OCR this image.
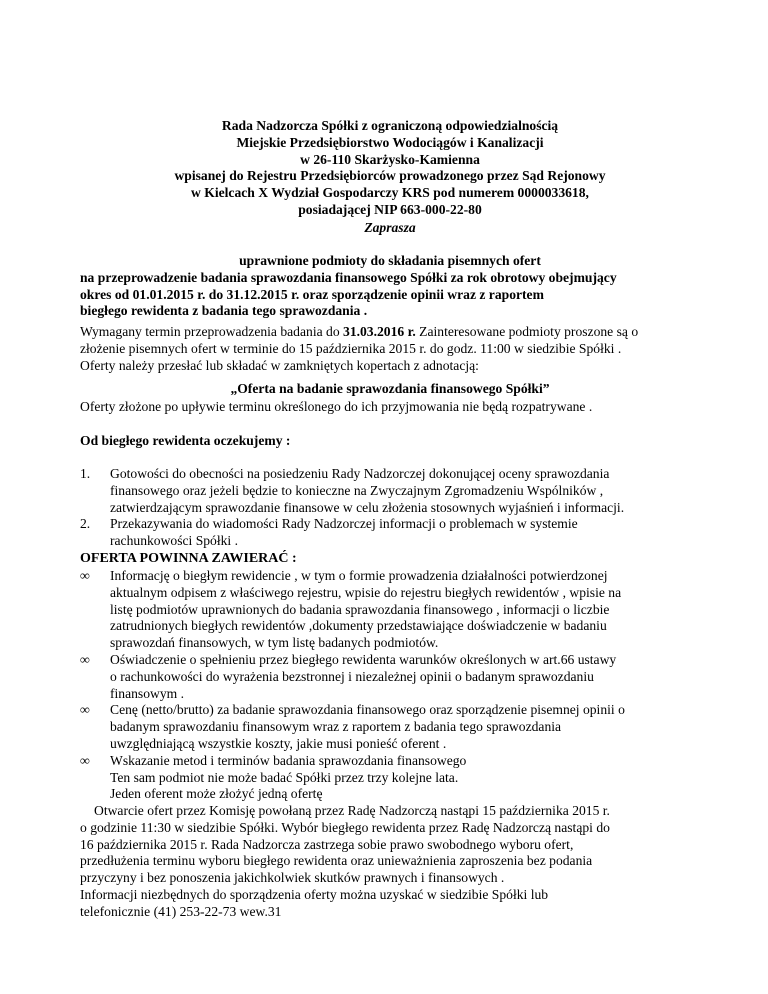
Rada Nadzorcza Spółki z ograniczoną odpowiedzialnością
Miejskie Przedsiębiorstwo Wodociągów i Kanalizacji
w 26-110 Skarżysko-Kamienna
wpisanej do Rejestru Przedsiębiorców prowadzonego przez Sąd Rejonowy
w Kielcach X Wydział Gospodarczy KRS pod numerem 0000033618,
posiadającej NIP 663-000-22-80
Zaprasza
uprawnione podmioty do składania pisemnych ofert
na przeprowadzenie badania sprawozdania finansowego Spółki za rok obrotowy obejmujący
okres od 01.01.2015 r. do 31.12.2015 r. oraz sporządzenie opinii wraz z raportem
biegłego rewidenta z badania tego sprawozdania .
Wymagany termin przeprowadzenia badania do 31.03.2016 r. Zainteresowane podmioty proszone są o
złożenie pisemnych ofert w terminie do 15 października 2015 r. do godz. 11:00 w siedzibie Spółki .
Oferty należy przesłać lub składać w zamkniętych kopertach z adnotacją:
„Oferta na badanie sprawozdania finansowego Spółki”
Oferty złożone po upływie terminu określonego do ich przyjmowania nie będą rozpatrywane .
Od biegłego rewidenta oczekujemy :
1. Gotowości do obecności na posiedzeniu Rady Nadzorczej dokonującej oceny sprawozdania
finansowego oraz jeżeli będzie to konieczne na Zwyczajnym Zgromadzeniu Wspólników ,
zatwierdzającym sprawozdanie finansowe w celu złożenia stosownych wyjaśnień i informacji.
2. Przekazywania do wiadomości Rady Nadzorczej informacji o problemach w systemie
rachunkowości Spółki .
OFERTA POWINNA ZAWIERAĆ :
∞ Informację o biegłym rewidencie , w tym o formie prowadzenia działalności potwierdzonej
aktualnym odpisem z właściwego rejestru, wpisie do rejestru biegłych rewidentów , wpisie na
listę podmiotów uprawnionych do badania sprawozdania finansowego , informacji o liczbie
zatrudnionych biegłych rewidentów ,dokumenty przedstawiające doświadczenie w badaniu
sprawozdań finansowych, w tym listę badanych podmiotów.
∞ Oświadczenie o spełnieniu przez biegłego rewidenta warunków określonych w art.66 ustawy
o rachunkowości do wyrażenia bezstronnej i niezależnej opinii o badanym sprawozdaniu
finansowym .
∞ Cenę (netto/brutto) za badanie sprawozdania finansowego oraz sporządzenie pisemnej opinii o
badanym sprawozdaniu finansowym wraz z raportem z badania tego sprawozdania
uwzględniającą wszystkie koszty, jakie musi ponieść oferent .
∞ Wskazanie metod i terminów badania sprawozdania finansowego
Ten sam podmiot nie może badać Spółki przez trzy kolejne lata.
Jeden oferent może złożyć jedną ofertę
Otwarcie ofert przez Komisję powołaną przez Radę Nadzorczą nastąpi 15 października 2015 r.
o godzinie 11:30 w siedzibie Spółki. Wybór biegłego rewidenta przez Radę Nadzorczą nastąpi do
16 października 2015 r. Rada Nadzorcza zastrzega sobie prawo swobodnego wyboru ofert,
przedłużenia terminu wyboru biegłego rewidenta oraz unieważnienia zaproszenia bez podania
przyczyny i bez ponoszenia jakichkolwiek skutków prawnych i finansowych .
Informacji niezbędnych do sporządzenia oferty można uzyskać w siedzibie Spółki lub
telefonicznie (41) 253-22-73 wew.31
